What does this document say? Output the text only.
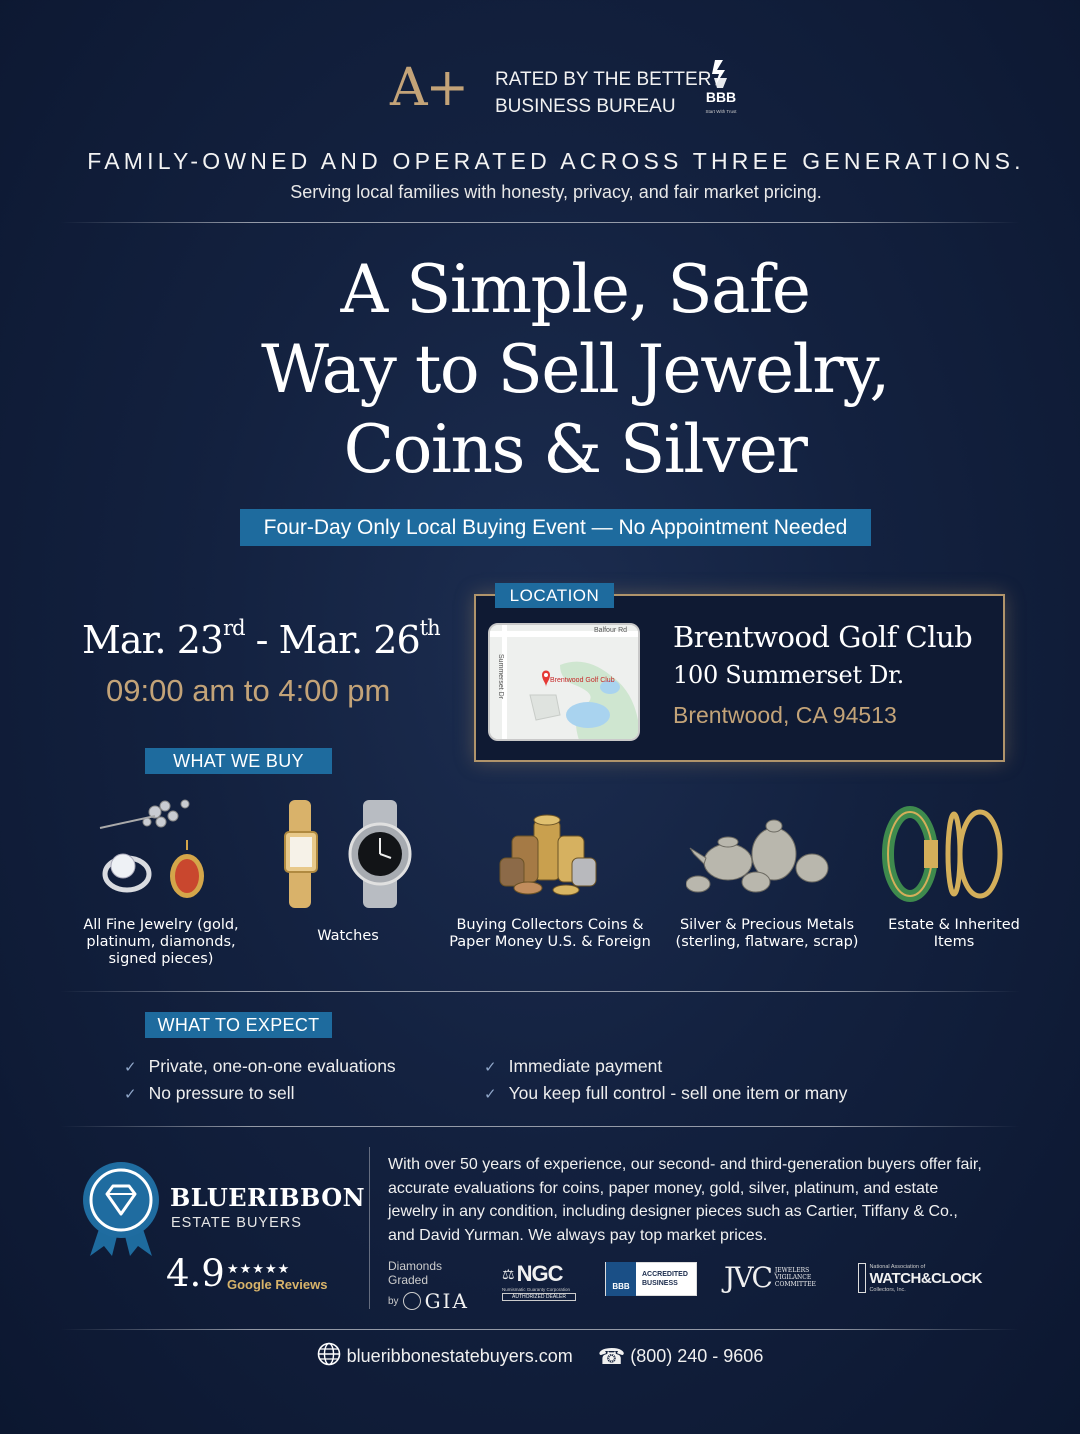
A+ RATED BY THE BETTER
BUSINESS BUREAU	BBB
Start With Trust
FAMILY-OWNED AND OPERATED ACROSS THREE GENERATIONS.
Serving local families with honesty, privacy, and fair market pricing.
A Simple, Safe
Way to Sell Jewelry,
Coins & Silver
Four-Day Only Local Buying Event — No Appointment Needed
Mar. 23rd - Mar. 26th
09:00 am to 4:00 pm
LOCATION
Balfour Rd
Summerset Dr	Brentwood Golf Club
Brentwood Golf Club
100 Summerset Dr.
Brentwood, CA 94513
WHAT WE BUY
All Fine Jewelry (gold, platinum, diamonds, signed pieces)
Watches
Buying Collectors Coins & Paper Money U.S. & Foreign
Silver & Precious Metals (sterling, flatware, scrap)
Estate & Inherited Items
WHAT TO EXPECT
✓ Private, one-on-one evaluations
✓ No pressure to sell
✓ Immediate payment
✓ You keep full control - sell one item or many
BLUERIBBON
ESTATE BUYERS
4.9 ★★★★★
Google Reviews
With over 50 years of experience, our second- and third-generation buyers offer fair, accurate evaluations for coins, paper money, gold, silver, platinum, and estate jewelry in any condition, including designer pieces such as Cartier, Tiffany & Co., and David Yurman. We always pay top market prices.
Diamonds Graded
by GIA
⚖ NGC
Numismatic Guaranty Corporation
AUTHORIZED DEALER
BBB
ACCREDITED
BUSINESS	JVC JEWELERS
VIGILANCE
COMMITTEE
National Association of
WATCH&CLOCK
Collectors, Inc.
blueribbonestatebuyers.com ☎ (800) 240 - 9606
